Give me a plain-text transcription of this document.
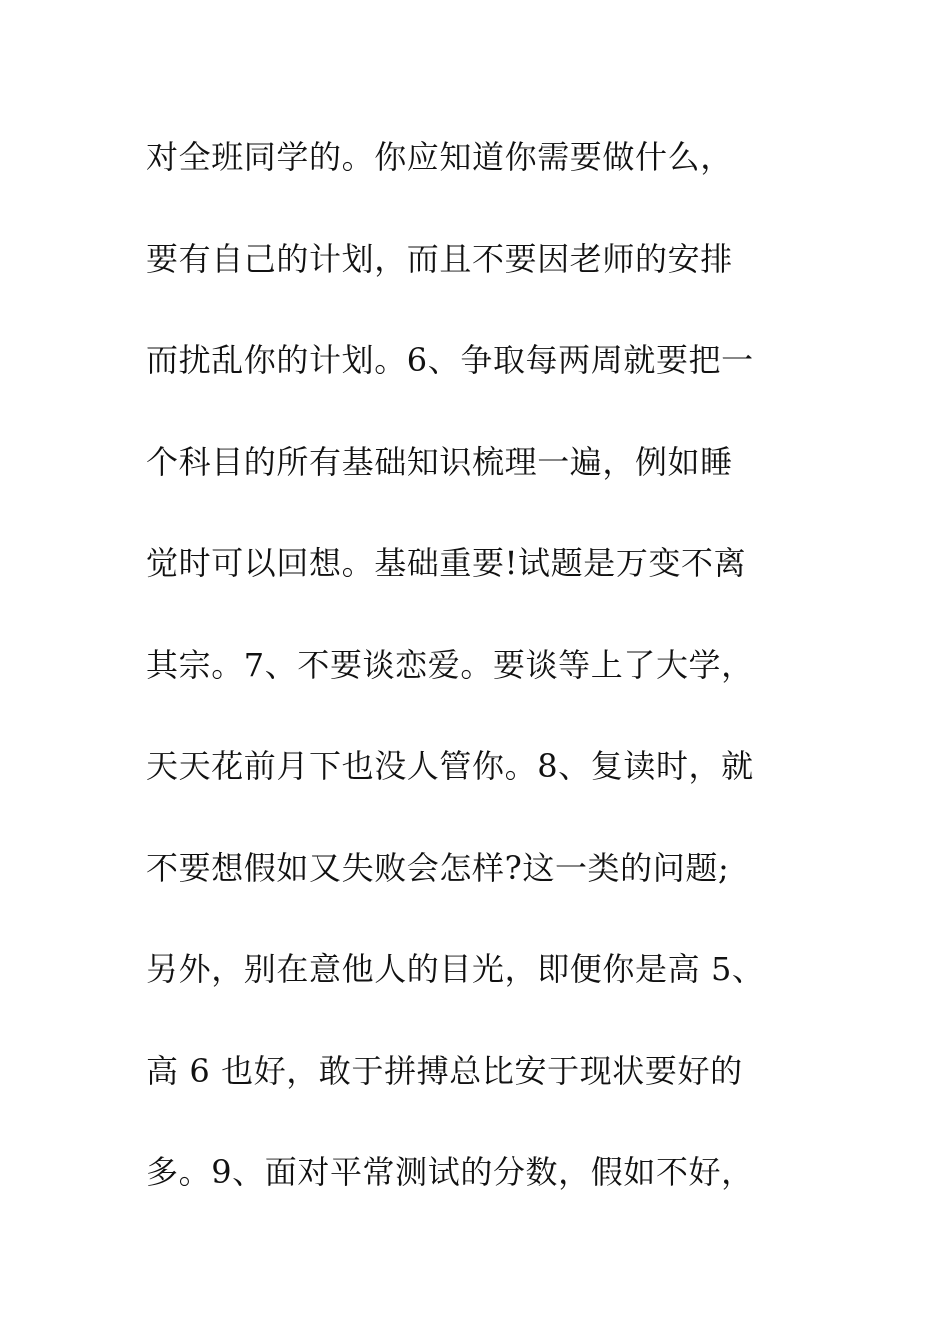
对全班同学的。你应知道你需要做什么，
要有自己的计划，而且不要因老师的安排
而扰乱你的计划。6、争取每两周就要把一
个科目的所有基础知识梳理一遍，例如睡
觉时可以回想。基础重要!试题是万变不离
其宗。7、不要谈恋爱。要谈等上了大学，
天天花前月下也没人管你。8、复读时，就
不要想假如又失败会怎样?这一类的问题;
另外，别在意他人的目光，即便你是高 5、
高 6 也好，敢于拼搏总比安于现状要好的
多。9、面对平常测试的分数，假如不好，
